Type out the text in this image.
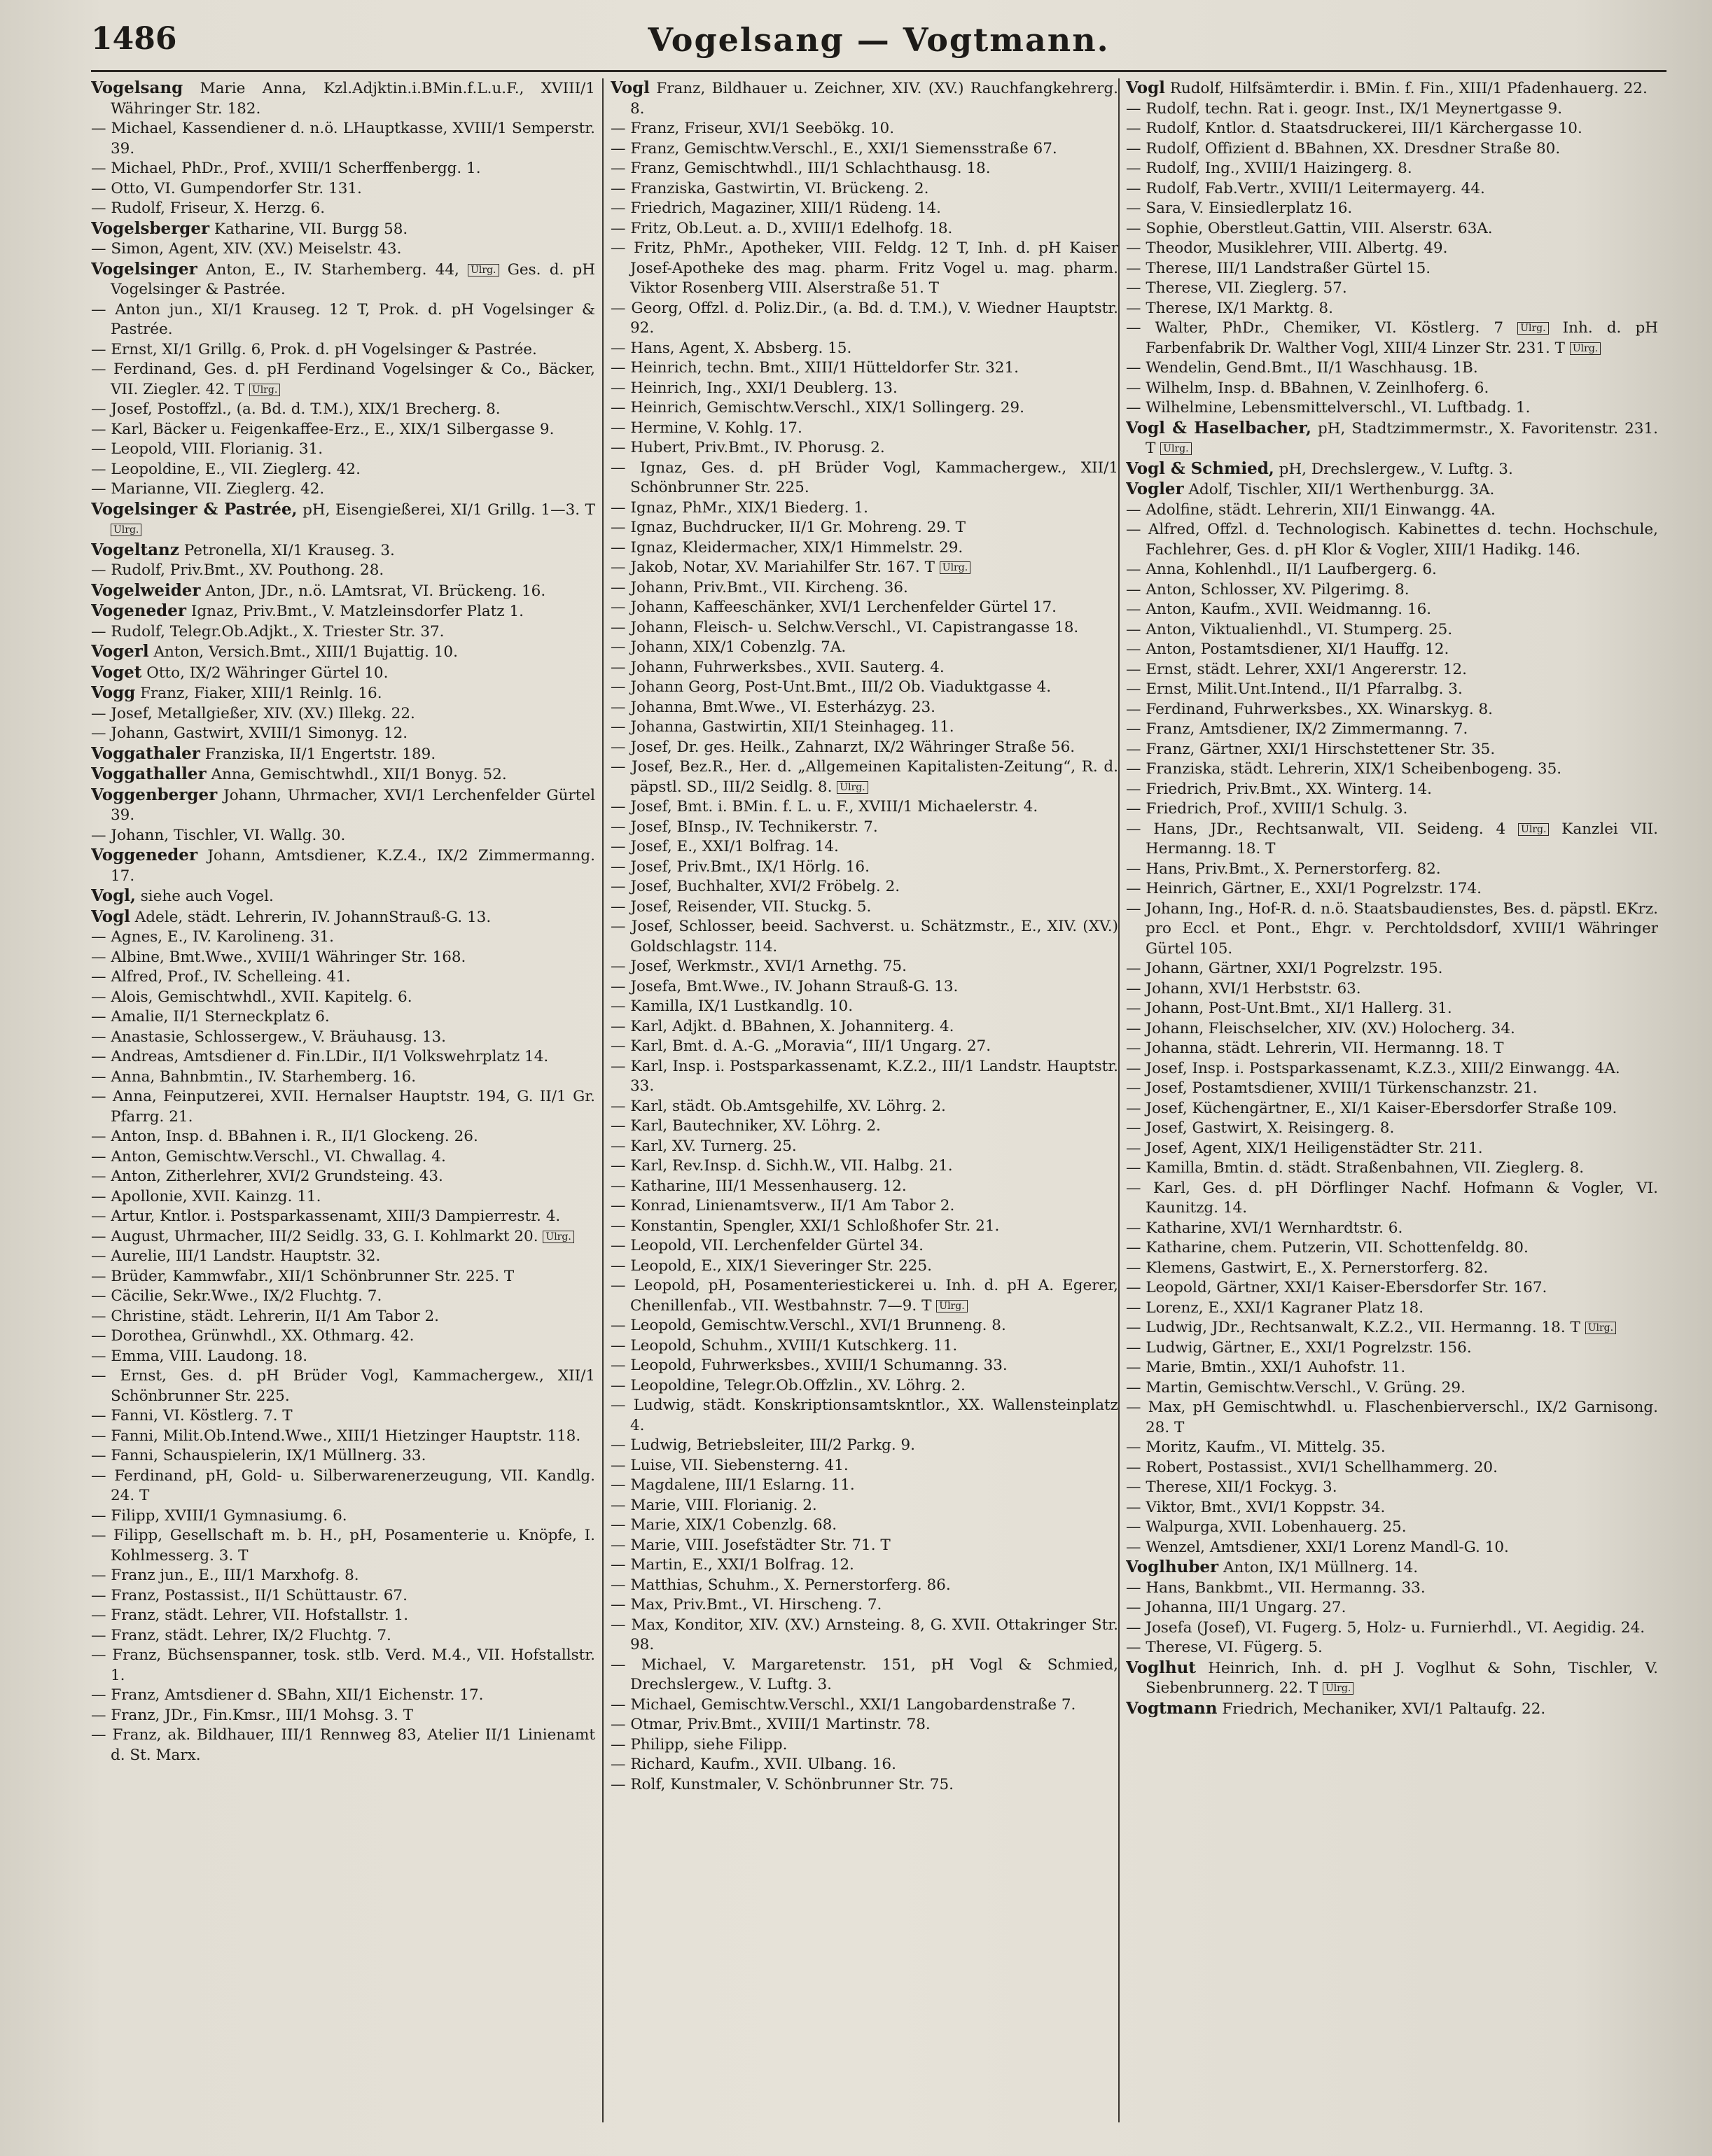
1486	Vogelsang — Vogtmann.
Vogelsang Marie Anna, Kzl.Adjktin.i.BMin.f.L.u.F., XVIII/1 Währinger Str. 182.
— Michael, Kassendiener d. n.ö. LHauptkasse, XVIII/1 Semperstr. 39.
— Michael, PhDr., Prof., XVIII/1 Scherffenbergg. 1.
— Otto, VI. Gumpendorfer Str. 131.
— Rudolf, Friseur, X. Herzg. 6.
Vogelsberger Katharine, VII. Burgg 58.
— Simon, Agent, XIV. (XV.) Meiselstr. 43.
Vogelsinger Anton, E., IV. Starhemberg. 44, Ulrg. Ges. d. pH Vogelsinger & Pastrée.
— Anton jun., XI/1 Krauseg. 12 T, Prok. d. pH Vogelsinger & Pastrée.
— Ernst, XI/1 Grillg. 6, Prok. d. pH Vogelsinger & Pastrée.
— Ferdinand, Ges. d. pH Ferdinand Vogelsinger & Co., Bäcker, VII. Ziegler. 42. T Ulrg.
— Josef, Postoffzl., (a. Bd. d. T.M.), XIX/1 Brecherg. 8.
— Karl, Bäcker u. Feigenkaffee-Erz., E., XIX/1 Silbergasse 9.
— Leopold, VIII. Florianig. 31.
— Leopoldine, E., VII. Zieglerg. 42.
— Marianne, VII. Zieglerg. 42.
Vogelsinger & Pastrée, pH, Eisengießerei, XI/1 Grillg. 1—3. T Ulrg.
Vogeltanz Petronella, XI/1 Krauseg. 3.
— Rudolf, Priv.Bmt., XV. Pouthong. 28.
Vogelweider Anton, JDr., n.ö. LAmtsrat, VI. Brückeng. 16.
Vogeneder Ignaz, Priv.Bmt., V. Matzleinsdorfer Platz 1.
— Rudolf, Telegr.Ob.Adjkt., X. Triester Str. 37.
Vogerl Anton, Versich.Bmt., XIII/1 Bujattig. 10.
Voget Otto, IX/2 Währinger Gürtel 10.
Vogg Franz, Fiaker, XIII/1 Reinlg. 16.
— Josef, Metallgießer, XIV. (XV.) Illekg. 22.
— Johann, Gastwirt, XVIII/1 Simonyg. 12.
Voggathaler Franziska, II/1 Engertstr. 189.
Voggathaller Anna, Gemischtwhdl., XII/1 Bonyg. 52.
Voggenberger Johann, Uhrmacher, XVI/1 Lerchenfelder Gürtel 39.
— Johann, Tischler, VI. Wallg. 30.
Voggeneder Johann, Amtsdiener, K.Z.4., IX/2 Zimmermanng. 17.
Vogl, siehe auch Vogel.
Vogl Adele, städt. Lehrerin, IV. JohannStrauß-G. 13.
— Agnes, E., IV. Karolineng. 31.
— Albine, Bmt.Wwe., XVIII/1 Währinger Str. 168.
— Alfred, Prof., IV. Schelleing. 41.
— Alois, Gemischtwhdl., XVII. Kapitelg. 6.
— Amalie, II/1 Sterneckplatz 6.
— Anastasie, Schlossergew., V. Bräuhausg. 13.
— Andreas, Amtsdiener d. Fin.LDir., II/1 Volkswehrplatz 14.
— Anna, Bahnbmtin., IV. Starhemberg. 16.
— Anna, Feinputzerei, XVII. Hernalser Hauptstr. 194, G. II/1 Gr. Pfarrg. 21.
— Anton, Insp. d. BBahnen i. R., II/1 Glockeng. 26.
— Anton, Gemischtw.Verschl., VI. Chwallag. 4.
— Anton, Zitherlehrer, XVI/2 Grundsteing. 43.
— Apollonie, XVII. Kainzg. 11.
— Artur, Kntlor. i. Postsparkassenamt, XIII/3 Dampierrestr. 4.
— August, Uhrmacher, III/2 Seidlg. 33, G. I. Kohlmarkt 20. Ulrg.
— Aurelie, III/1 Landstr. Hauptstr. 32.
— Brüder, Kammwfabr., XII/1 Schönbrunner Str. 225. T
— Cäcilie, Sekr.Wwe., IX/2 Fluchtg. 7.
— Christine, städt. Lehrerin, II/1 Am Tabor 2.
— Dorothea, Grünwhdl., XX. Othmarg. 42.
— Emma, VIII. Laudong. 18.
— Ernst, Ges. d. pH Brüder Vogl, Kammachergew., XII/1 Schönbrunner Str. 225.
— Fanni, VI. Köstlerg. 7. T
— Fanni, Milit.Ob.Intend.Wwe., XIII/1 Hietzinger Hauptstr. 118.
— Fanni, Schauspielerin, IX/1 Müllnerg. 33.
— Ferdinand, pH, Gold- u. Silberwarenerzeugung, VII. Kandlg. 24. T
— Filipp, XVIII/1 Gymnasiumg. 6.
— Filipp, Gesellschaft m. b. H., pH, Posamenterie u. Knöpfe, I. Kohlmesserg. 3. T
— Franz jun., E., III/1 Marxhofg. 8.
— Franz, Postassist., II/1 Schüttaustr. 67.
— Franz, städt. Lehrer, VII. Hofstallstr. 1.
— Franz, städt. Lehrer, IX/2 Fluchtg. 7.
— Franz, Büchsenspanner, tosk. stlb. Verd. M.4., VII. Hofstallstr. 1.
— Franz, Amtsdiener d. SBahn, XII/1 Eichenstr. 17.
— Franz, JDr., Fin.Kmsr., III/1 Mohsg. 3. T
— Franz, ak. Bildhauer, III/1 Rennweg 83, Atelier II/1 Linienamt d. St. Marx.
Vogl Franz, Bildhauer u. Zeichner, XIV. (XV.) Rauchfangkehrerg. 8.
— Franz, Friseur, XVI/1 Seebökg. 10.
— Franz, Gemischtw.Verschl., E., XXI/1 Siemensstraße 67.
— Franz, Gemischtwhdl., III/1 Schlachthausg. 18.
— Franziska, Gastwirtin, VI. Brückeng. 2.
— Friedrich, Magaziner, XIII/1 Rüdeng. 14.
— Fritz, Ob.Leut. a. D., XVIII/1 Edelhofg. 18.
— Fritz, PhMr., Apotheker, VIII. Feldg. 12 T, Inh. d. pH Kaiser Josef-Apotheke des mag. pharm. Fritz Vogel u. mag. pharm. Viktor Rosenberg VIII. Alserstraße 51. T
— Georg, Offzl. d. Poliz.Dir., (a. Bd. d. T.M.), V. Wiedner Hauptstr. 92.
— Hans, Agent, X. Absberg. 15.
— Heinrich, techn. Bmt., XIII/1 Hütteldorfer Str. 321.
— Heinrich, Ing., XXI/1 Deublerg. 13.
— Heinrich, Gemischtw.Verschl., XIX/1 Sollingerg. 29.
— Hermine, V. Kohlg. 17.
— Hubert, Priv.Bmt., IV. Phorusg. 2.
— Ignaz, Ges. d. pH Brüder Vogl, Kammachergew., XII/1 Schönbrunner Str. 225.
— Ignaz, PhMr., XIX/1 Biederg. 1.
— Ignaz, Buchdrucker, II/1 Gr. Mohreng. 29. T
— Ignaz, Kleidermacher, XIX/1 Himmelstr. 29.
— Jakob, Notar, XV. Mariahilfer Str. 167. T Ulrg.
— Johann, Priv.Bmt., VII. Kircheng. 36.
— Johann, Kaffeeschänker, XVI/1 Lerchenfelder Gürtel 17.
— Johann, Fleisch- u. Selchw.Verschl., VI. Capistrangasse 18.
— Johann, XIX/1 Cobenzlg. 7A.
— Johann, Fuhrwerksbes., XVII. Sauterg. 4.
— Johann Georg, Post-Unt.Bmt., III/2 Ob. Viaduktgasse 4.
— Johanna, Bmt.Wwe., VI. Esterházyg. 23.
— Johanna, Gastwirtin, XII/1 Steinhageg. 11.
— Josef, Dr. ges. Heilk., Zahnarzt, IX/2 Währinger Straße 56.
— Josef, Bez.R., Her. d. „Allgemeinen Kapitalisten-Zeitung“, R. d. päpstl. SD., III/2 Seidlg. 8. Ulrg.
— Josef, Bmt. i. BMin. f. L. u. F., XVIII/1 Michaelerstr. 4.
— Josef, BInsp., IV. Technikerstr. 7.
— Josef, E., XXI/1 Bolfrag. 14.
— Josef, Priv.Bmt., IX/1 Hörlg. 16.
— Josef, Buchhalter, XVI/2 Fröbelg. 2.
— Josef, Reisender, VII. Stuckg. 5.
— Josef, Schlosser, beeid. Sachverst. u. Schätzmstr., E., XIV. (XV.) Goldschlagstr. 114.
— Josef, Werkmstr., XVI/1 Arnethg. 75.
— Josefa, Bmt.Wwe., IV. Johann Strauß-G. 13.
— Kamilla, IX/1 Lustkandlg. 10.
— Karl, Adjkt. d. BBahnen, X. Johanniterg. 4.
— Karl, Bmt. d. A.-G. „Moravia“, III/1 Ungarg. 27.
— Karl, Insp. i. Postsparkassenamt, K.Z.2., III/1 Landstr. Hauptstr. 33.
— Karl, städt. Ob.Amtsgehilfe, XV. Löhrg. 2.
— Karl, Bautechniker, XV. Löhrg. 2.
— Karl, XV. Turnerg. 25.
— Karl, Rev.Insp. d. Sichh.W., VII. Halbg. 21.
— Katharine, III/1 Messenhauserg. 12.
— Konrad, Linienamtsverw., II/1 Am Tabor 2.
— Konstantin, Spengler, XXI/1 Schloßhofer Str. 21.
— Leopold, VII. Lerchenfelder Gürtel 34.
— Leopold, E., XIX/1 Sieveringer Str. 225.
— Leopold, pH, Posamenteriestickerei u. Inh. d. pH A. Egerer, Chenillenfab., VII. Westbahnstr. 7—9. T Ulrg.
— Leopold, Gemischtw.Verschl., XVI/1 Brunneng. 8.
— Leopold, Schuhm., XVIII/1 Kutschkerg. 11.
— Leopold, Fuhrwerksbes., XVIII/1 Schumanng. 33.
— Leopoldine, Telegr.Ob.Offzlin., XV. Löhrg. 2.
— Ludwig, städt. Konskriptionsamtskntlor., XX. Wallensteinplatz 4.
— Ludwig, Betriebsleiter, III/2 Parkg. 9.
— Luise, VII. Siebensterng. 41.
— Magdalene, III/1 Eslarng. 11.
— Marie, VIII. Florianig. 2.
— Marie, XIX/1 Cobenzlg. 68.
— Marie, VIII. Josefstädter Str. 71. T
— Martin, E., XXI/1 Bolfrag. 12.
— Matthias, Schuhm., X. Pernerstorferg. 86.
— Max, Priv.Bmt., VI. Hirscheng. 7.
— Max, Konditor, XIV. (XV.) Arnsteing. 8, G. XVII. Ottakringer Str. 98.
— Michael, V. Margaretenstr. 151, pH Vogl & Schmied, Drechslergew., V. Luftg. 3.
— Michael, Gemischtw.Verschl., XXI/1 Langobardenstraße 7.
— Otmar, Priv.Bmt., XVIII/1 Martinstr. 78.
— Philipp, siehe Filipp.
— Richard, Kaufm., XVII. Ulbang. 16.
— Rolf, Kunstmaler, V. Schönbrunner Str. 75.
Vogl Rudolf, Hilfsämterdir. i. BMin. f. Fin., XIII/1 Pfadenhauerg. 22.
— Rudolf, techn. Rat i. geogr. Inst., IX/1 Meynertgasse 9.
— Rudolf, Kntlor. d. Staatsdruckerei, III/1 Kärchergasse 10.
— Rudolf, Offizient d. BBahnen, XX. Dresdner Straße 80.
— Rudolf, Ing., XVIII/1 Haizingerg. 8.
— Rudolf, Fab.Vertr., XVIII/1 Leitermayerg. 44.
— Sara, V. Einsiedlerplatz 16.
— Sophie, Oberstleut.Gattin, VIII. Alserstr. 63A.
— Theodor, Musiklehrer, VIII. Albertg. 49.
— Therese, III/1 Landstraßer Gürtel 15.
— Therese, VII. Zieglerg. 57.
— Therese, IX/1 Marktg. 8.
— Walter, PhDr., Chemiker, VI. Köstlerg. 7 Ulrg. Inh. d. pH Farbenfabrik Dr. Walther Vogl, XIII/4 Linzer Str. 231. T Ulrg.
— Wendelin, Gend.Bmt., II/1 Waschhausg. 1B.
— Wilhelm, Insp. d. BBahnen, V. Zeinlhoferg. 6.
— Wilhelmine, Lebensmittelverschl., VI. Luftbadg. 1.
Vogl & Haselbacher, pH, Stadtzimmermstr., X. Favoritenstr. 231. T Ulrg.
Vogl & Schmied, pH, Drechslergew., V. Luftg. 3.
Vogler Adolf, Tischler, XII/1 Werthenburgg. 3A.
— Adolfine, städt. Lehrerin, XII/1 Einwangg. 4A.
— Alfred, Offzl. d. Technologisch. Kabinettes d. techn. Hochschule, Fachlehrer, Ges. d. pH Klor & Vogler, XIII/1 Hadikg. 146.
— Anna, Kohlenhdl., II/1 Laufbergerg. 6.
— Anton, Schlosser, XV. Pilgerimg. 8.
— Anton, Kaufm., XVII. Weidmanng. 16.
— Anton, Viktualienhdl., VI. Stumperg. 25.
— Anton, Postamtsdiener, XI/1 Hauffg. 12.
— Ernst, städt. Lehrer, XXI/1 Angererstr. 12.
— Ernst, Milit.Unt.Intend., II/1 Pfarralbg. 3.
— Ferdinand, Fuhrwerksbes., XX. Winarskyg. 8.
— Franz, Amtsdiener, IX/2 Zimmermanng. 7.
— Franz, Gärtner, XXI/1 Hirschstettener Str. 35.
— Franziska, städt. Lehrerin, XIX/1 Scheibenbogeng. 35.
— Friedrich, Priv.Bmt., XX. Winterg. 14.
— Friedrich, Prof., XVIII/1 Schulg. 3.
— Hans, JDr., Rechtsanwalt, VII. Seideng. 4 Ulrg. Kanzlei VII. Hermanng. 18. T
— Hans, Priv.Bmt., X. Pernerstorferg. 82.
— Heinrich, Gärtner, E., XXI/1 Pogrelzstr. 174.
— Johann, Ing., Hof-R. d. n.ö. Staatsbaudienstes, Bes. d. päpstl. EKrz. pro Eccl. et Pont., Ehgr. v. Perchtoldsdorf, XVIII/1 Währinger Gürtel 105.
— Johann, Gärtner, XXI/1 Pogrelzstr. 195.
— Johann, XVI/1 Herbststr. 63.
— Johann, Post-Unt.Bmt., XI/1 Hallerg. 31.
— Johann, Fleischselcher, XIV. (XV.) Holocherg. 34.
— Johanna, städt. Lehrerin, VII. Hermanng. 18. T
— Josef, Insp. i. Postsparkassenamt, K.Z.3., XIII/2 Einwangg. 4A.
— Josef, Postamtsdiener, XVIII/1 Türkenschanzstr. 21.
— Josef, Küchengärtner, E., XI/1 Kaiser-Ebersdorfer Straße 109.
— Josef, Gastwirt, X. Reisingerg. 8.
— Josef, Agent, XIX/1 Heiligenstädter Str. 211.
— Kamilla, Bmtin. d. städt. Straßenbahnen, VII. Zieglerg. 8.
— Karl, Ges. d. pH Dörflinger Nachf. Hofmann & Vogler, VI. Kaunitzg. 14.
— Katharine, XVI/1 Wernhardtstr. 6.
— Katharine, chem. Putzerin, VII. Schottenfeldg. 80.
— Klemens, Gastwirt, E., X. Pernerstorferg. 82.
— Leopold, Gärtner, XXI/1 Kaiser-Ebersdorfer Str. 167.
— Lorenz, E., XXI/1 Kagraner Platz 18.
— Ludwig, JDr., Rechtsanwalt, K.Z.2., VII. Hermanng. 18. T Ulrg.
— Ludwig, Gärtner, E., XXI/1 Pogrelzstr. 156.
— Marie, Bmtin., XXI/1 Auhofstr. 11.
— Martin, Gemischtw.Verschl., V. Grüng. 29.
— Max, pH Gemischtwhdl. u. Flaschenbierverschl., IX/2 Garnisong. 28. T
— Moritz, Kaufm., VI. Mittelg. 35.
— Robert, Postassist., XVI/1 Schellhammerg. 20.
— Therese, XII/1 Fockyg. 3.
— Viktor, Bmt., XVI/1 Koppstr. 34.
— Walpurga, XVII. Lobenhauerg. 25.
— Wenzel, Amtsdiener, XXI/1 Lorenz Mandl-G. 10.
Voglhuber Anton, IX/1 Müllnerg. 14.
— Hans, Bankbmt., VII. Hermanng. 33.
— Johanna, III/1 Ungarg. 27.
— Josefa (Josef), VI. Fugerg. 5, Holz- u. Furnierhdl., VI. Aegidig. 24.
— Therese, VI. Fügerg. 5.
Voglhut Heinrich, Inh. d. pH J. Voglhut & Sohn, Tischler, V. Siebenbrunnerg. 22. T Ulrg.
Vogtmann Friedrich, Mechaniker, XVI/1 Paltaufg. 22.
